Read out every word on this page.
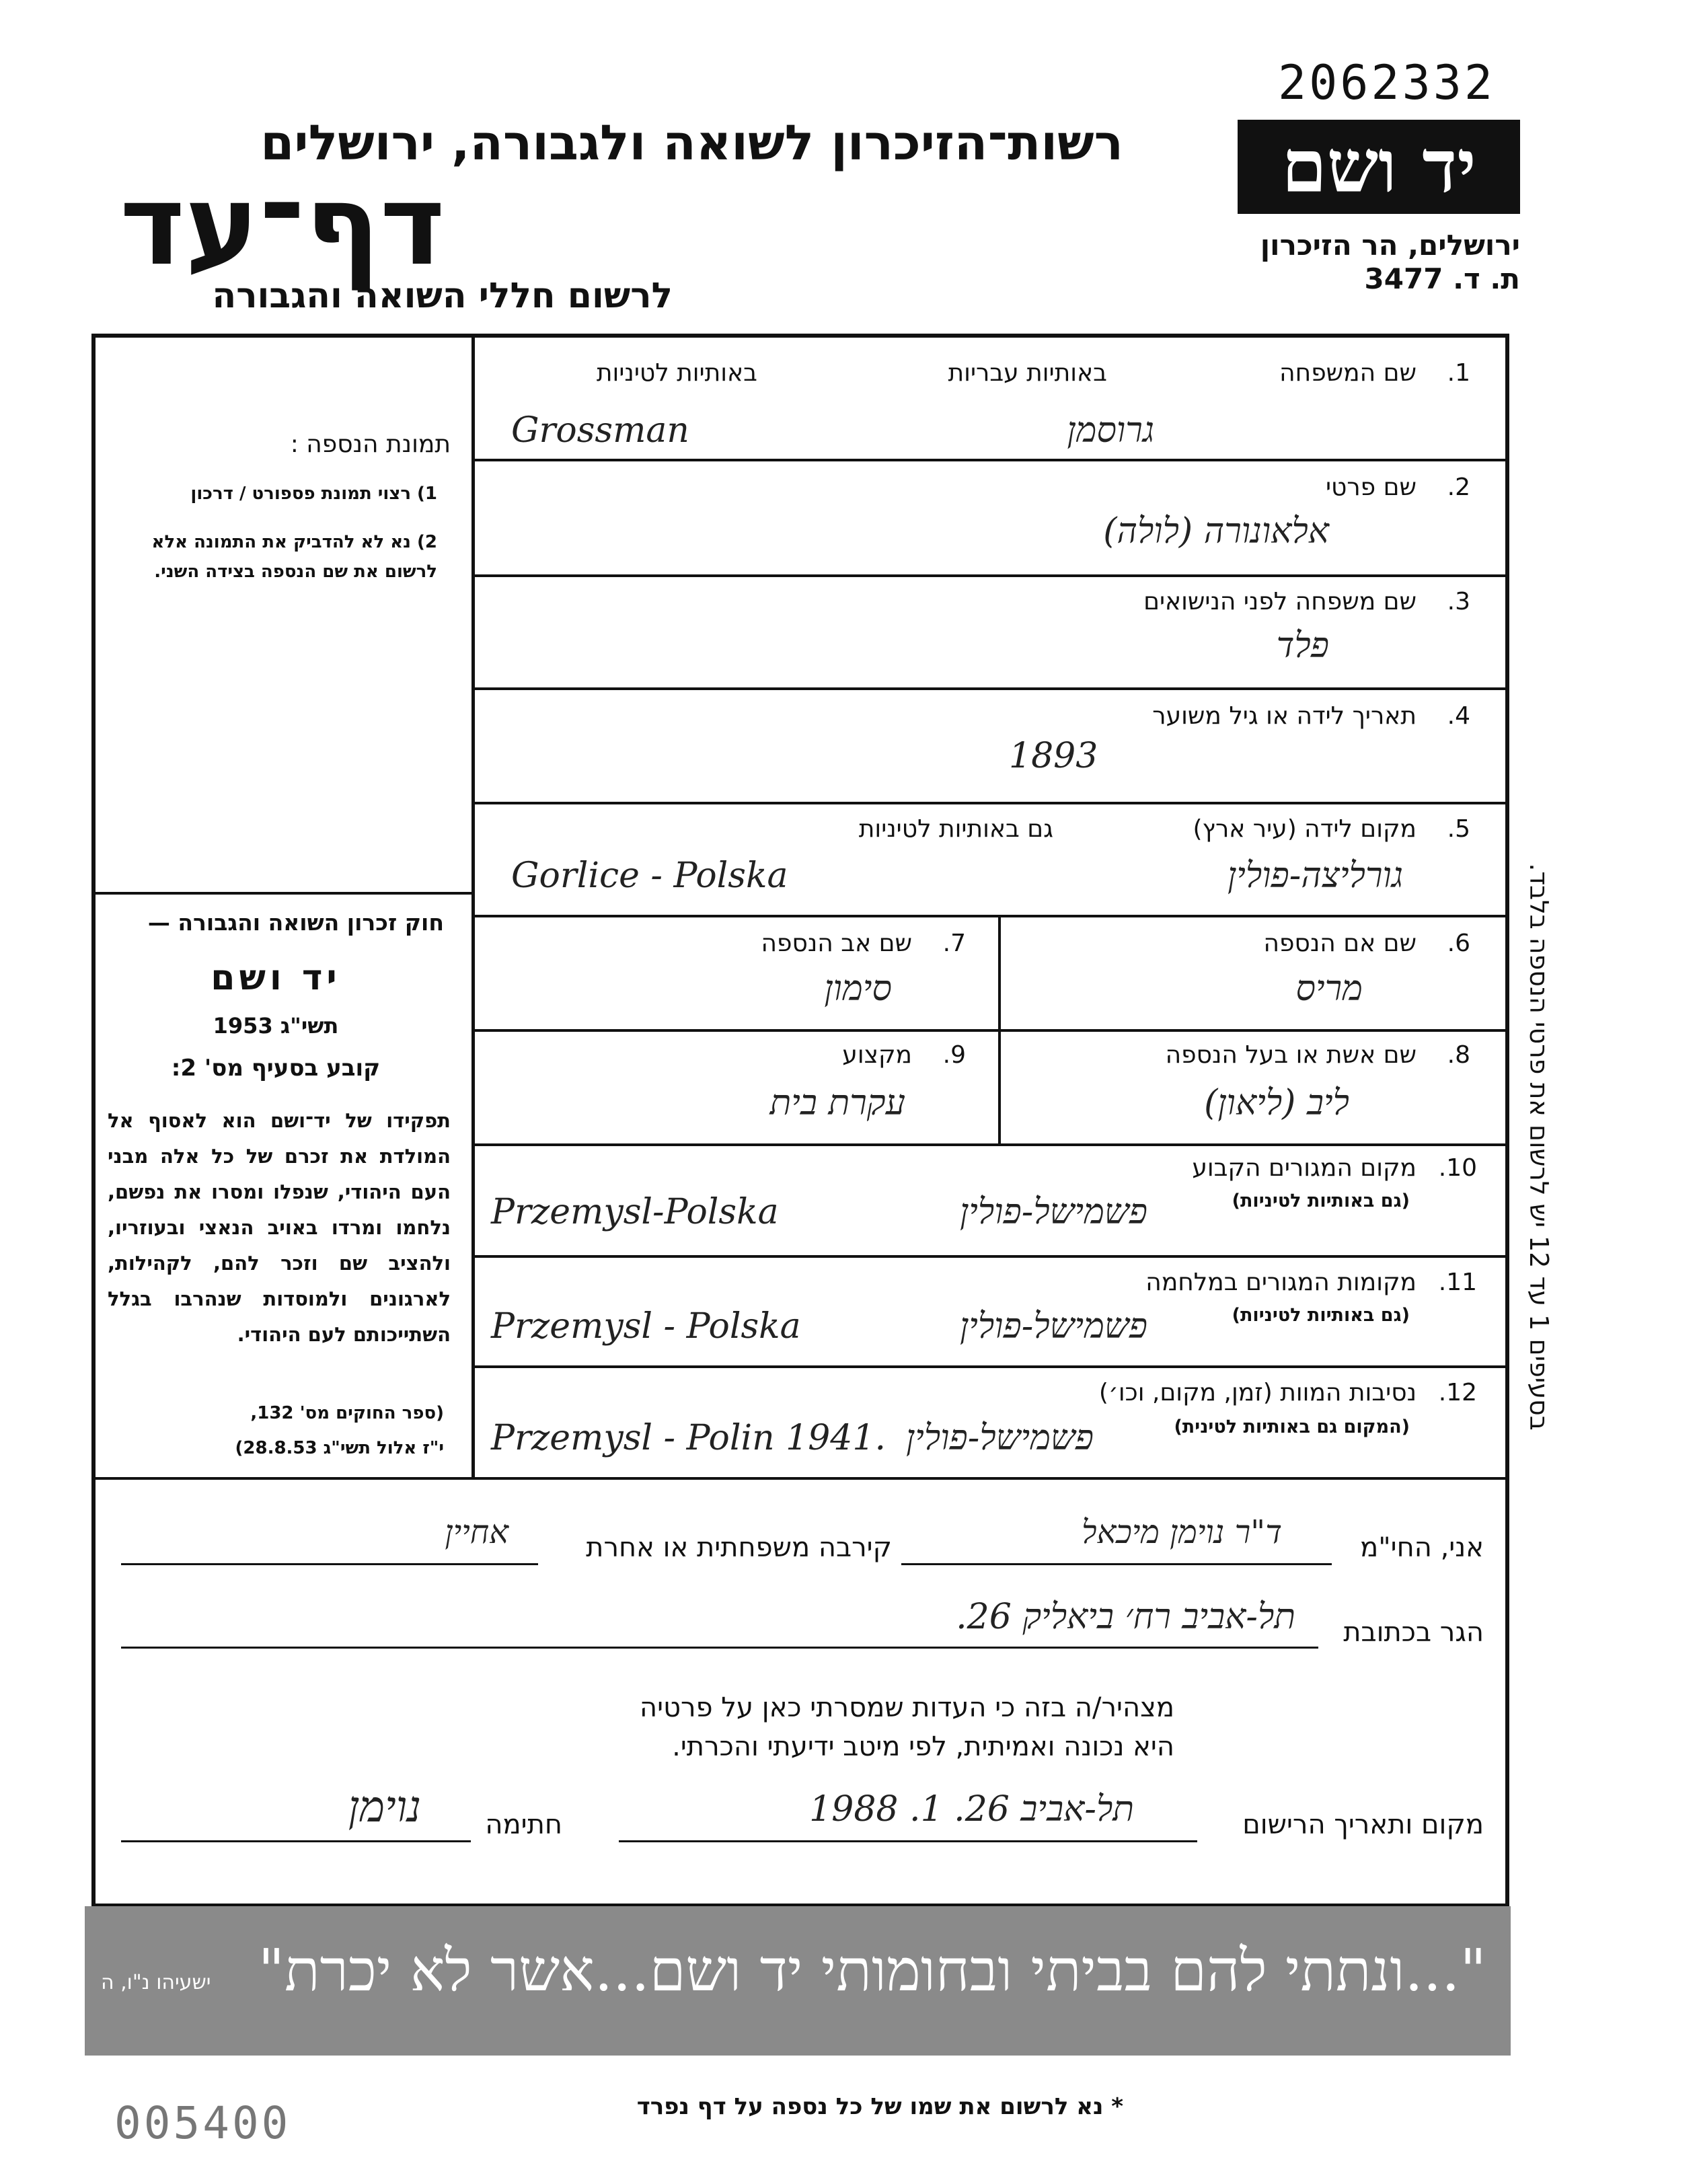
2062332
יד ושם
ירושלים, הר הזיכרון
ת. ד. 3477
רשות־הזיכרון לשואה ולגבורה, ירושלים
דף־עד
לרשום חללי השואה והגבורה
תמונת הנספה :
1) רצוי תמונת פספורט / דרכון
2) נא לא להדביק את התמונה אלא לרשום את שם הנספה בצידה השני.
חוק זכרון השואה והגבורה —
יד ושם
תשי"ג 1953
קובע בסעיף מס' 2:
תפקידו של יד־ושם הוא לאסוף אל המולדת את זכרם של כל אלה מבני העם היהודי, שנפלו ומסרו את נפשם, נלחמו ומרדו באויב הנאצי ובעוזריו, ולהציב שם וזכר להם, לקהילות, לארגונים ולמוסדות שנהרבו בגלל השתייכותם לעם היהודי.
(ספר החוקים מס' 132,
י"ז אלול תשי"ג 28.8.53)
1.
שם המשפחה
באותיות עבריות
באותיות לטיניות
גרוסמן
Grossman
2.
שם פרטי
אלאונורה (לולה)
3.
שם משפחה לפני הנישואים
פלד
4.
תאריך לידה או גיל משוער
1893
5.
מקום לידה (עיר ארץ)
גם באותיות לטיניות
גורליצה-פולין
Gorlice - Polska
6.
שם אם הנספה
מריס
7.
שם אב הנספה
סימון
8.
שם אשת או בעל הנספה
ליב (ליאון)
9.
מקצוע
עקרת בית
10.
מקום המגורים הקבוע
(גם באותיות לטיניות)
פשמישל-פולין
Przemysl-Polska
11.
מקומות המגורים במלחמה
(גם באותיות לטיניות)
פשמישל-פולין
Przemysl - Polska
12.
נסיבות המוות (זמן, מקום, וכו׳)
(המקום גם באותיות לטינית)
פשמישל-פולין
Przemysl - Polin 1941.
בסעיפים 1 עד 12 יש לרשום את פרטי הנספה בלבד.
אני, החי"מ
ד"ר נוימן מיכאל
קירבה משפחתית או אחרת
אחיין
הגר בכתובת
תל-אביב רח׳ ביאליק 26.
מצהיר/ה בזה כי העדות שמסרתי כאן על פרטיה
היא נכונה ואמיתית, לפי מיטב ידיעתי והכרתי.
מקום ותאריך הרישום
תל-אביב 26. 1. 1988
חתימה
נוימן
"...ונתתי להם בביתי ובחומותי יד ושם...אשר לא יכרת"
ישעיהו נ"ו, ה
005400	* נא לרשום את שמו של כל נספה על דף נפרד
